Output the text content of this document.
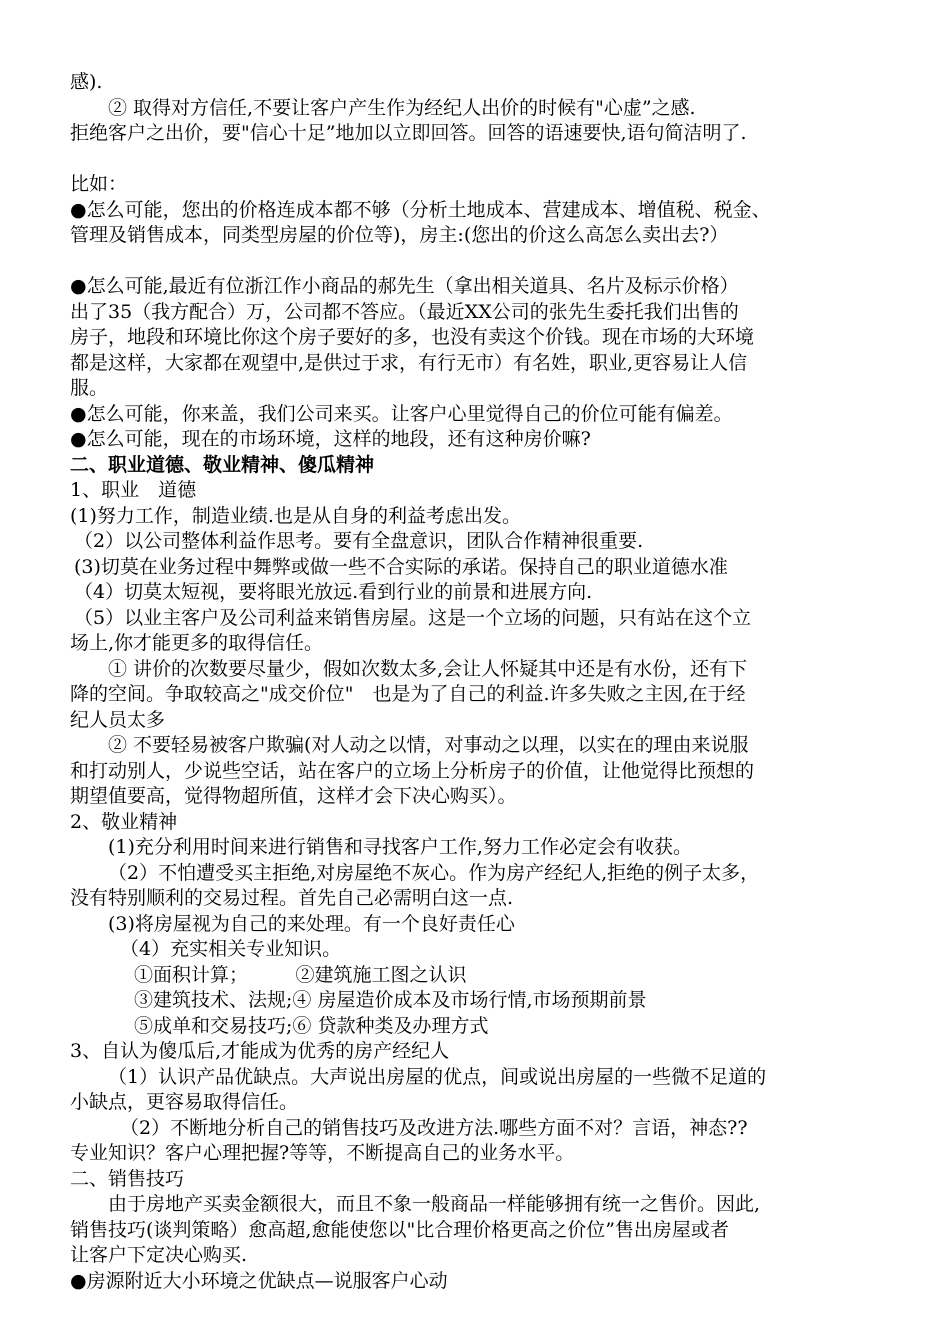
感).
② 取得对方信任,不要让客户产生作为经纪人出价的时候有"心虚”之感.
拒绝客户之出价，要"信心十足”地加以立即回答。回答的语速要快,语句简洁明了.
比如：
●怎么可能，您出的价格连成本都不够（分析土地成本、营建成本、增值税、税金、
管理及销售成本，同类型房屋的价位等)，房主:(您出的价这么高怎么卖出去?）
●怎么可能,最近有位浙江作小商品的郝先生（拿出相关道具、名片及标示价格）
出了35（我方配合）万，公司都不答应。（最近XX公司的张先生委托我们出售的
房子，地段和环境比你这个房子要好的多，也没有卖这个价钱。现在市场的大环境
都是这样，大家都在观望中,是供过于求，有行无市）有名姓，职业,更容易让人信
服。
●怎么可能，你来盖，我们公司来买。让客户心里觉得自己的价位可能有偏差。
●怎么可能，现在的市场环境，这样的地段，还有这种房价嘛?
二、职业道德、敬业精神、傻瓜精神
1、职业　道德
(1)努力工作，制造业绩.也是从自身的利益考虑出发。
（2）以公司整体利益作思考。要有全盘意识，团队合作精神很重要.
(3)切莫在业务过程中舞弊或做一些不合实际的承诺。保持自己的职业道德水准
（4）切莫太短视，要将眼光放远.看到行业的前景和进展方向.
（5）以业主客户及公司利益来销售房屋。这是一个立场的问题，只有站在这个立
场上,你才能更多的取得信任。
① 讲价的次数要尽量少，假如次数太多,会让人怀疑其中还是有水份，还有下
降的空间。争取较高之"成交价位"　也是为了自己的利益.许多失败之主因,在于经
纪人员太多
② 不要轻易被客户欺骗(对人动之以情，对事动之以理，以实在的理由来说服
和打动别人，少说些空话，站在客户的立场上分析房子的价值，让他觉得比预想的
期望值要高，觉得物超所值，这样才会下决心购买）。
2、敬业精神
(1)充分利用时间来进行销售和寻找客户工作,努力工作必定会有收获。
（2）不怕遭受买主拒绝,对房屋绝不灰心。作为房产经纪人,拒绝的例子太多，
没有特别顺利的交易过程。首先自己必需明白这一点.
(3)将房屋视为自己的来处理。有一个良好责任心
（4）充实相关专业知识。
①面积计算；　　　②建筑施工图之认识
③建筑技术、法规;④ 房屋造价成本及市场行情,市场预期前景
⑤成单和交易技巧;⑥ 贷款种类及办理方式
3、自认为傻瓜后,才能成为优秀的房产经纪人
（1）认识产品优缺点。大声说出房屋的优点，间或说出房屋的一些微不足道的
小缺点，更容易取得信任。
（2）不断地分析自己的销售技巧及改进方法.哪些方面不对？言语，神态??
专业知识？客户心理把握?等等，不断提高自己的业务水平。
二、销售技巧
由于房地产买卖金额很大，而且不象一般商品一样能够拥有统一之售价。因此,
销售技巧(谈判策略）愈高超,愈能使您以"比合理价格更高之价位”售出房屋或者
让客户下定决心购买.
●房源附近大小环境之优缺点—说服客户心动
